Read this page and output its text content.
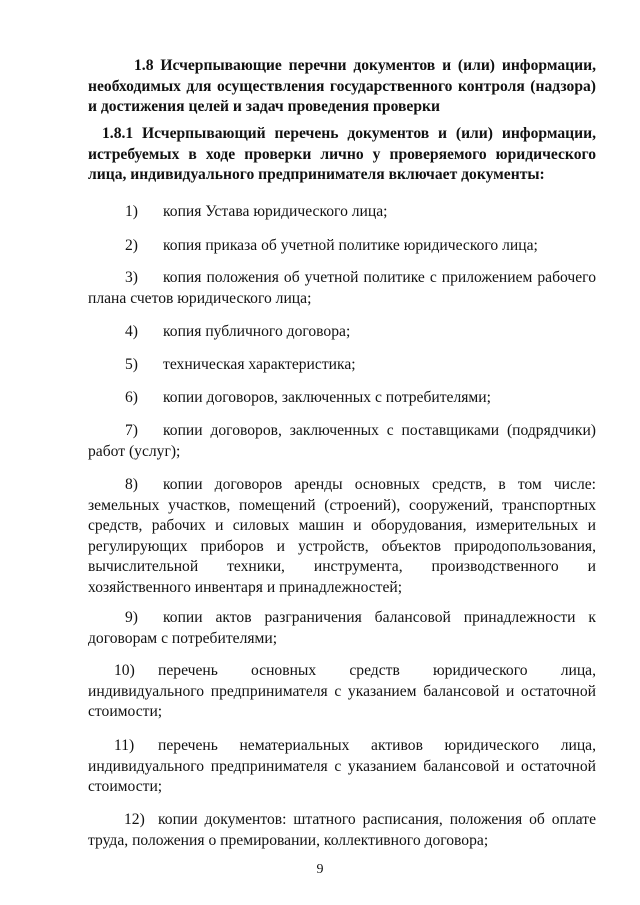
1.8 Исчерпывающие перечни документов и (или) информации, необходимых для осуществления государственного контроля (надзора) и достижения целей и задач проведения проверки

1.8.1 Исчерпывающий перечень документов и (или) информации, истребуемых в ходе проверки лично у проверяемого юридического лица, индивидуального предпринимателя включает документы:

1) копия Устава юридического лица;

2) копия приказа об учетной политике юридического лица;

3) копия положения об учетной политике с приложением рабочего плана счетов юридического лица;

4) копия публичного договора;

5) техническая характеристика;

6) копии договоров, заключенных с потребителями;

7) копии договоров, заключенных с поставщиками (подрядчики) работ (услуг);

8) копии договоров аренды основных средств, в том числе: земельных участков, помещений (строений), сооружений, транспортных средств, рабочих и силовых машин и оборудования, измерительных и регулирующих приборов и устройств, объектов природопользования, вычислительной техники, инструмента, производственного и хозяйственного инвентаря и принадлежностей;

9) копии актов разграничения балансовой принадлежности к договорам с потребителями;

10) перечень основных средств юридического лица, индивидуального предпринимателя с указанием балансовой и остаточной стоимости;

11) перечень нематериальных активов юридического лица, индивидуального предпринимателя с указанием балансовой и остаточной стоимости;

12) копии документов: штатного расписания, положения об оплате труда, положения о премировании, коллективного договора;

9
